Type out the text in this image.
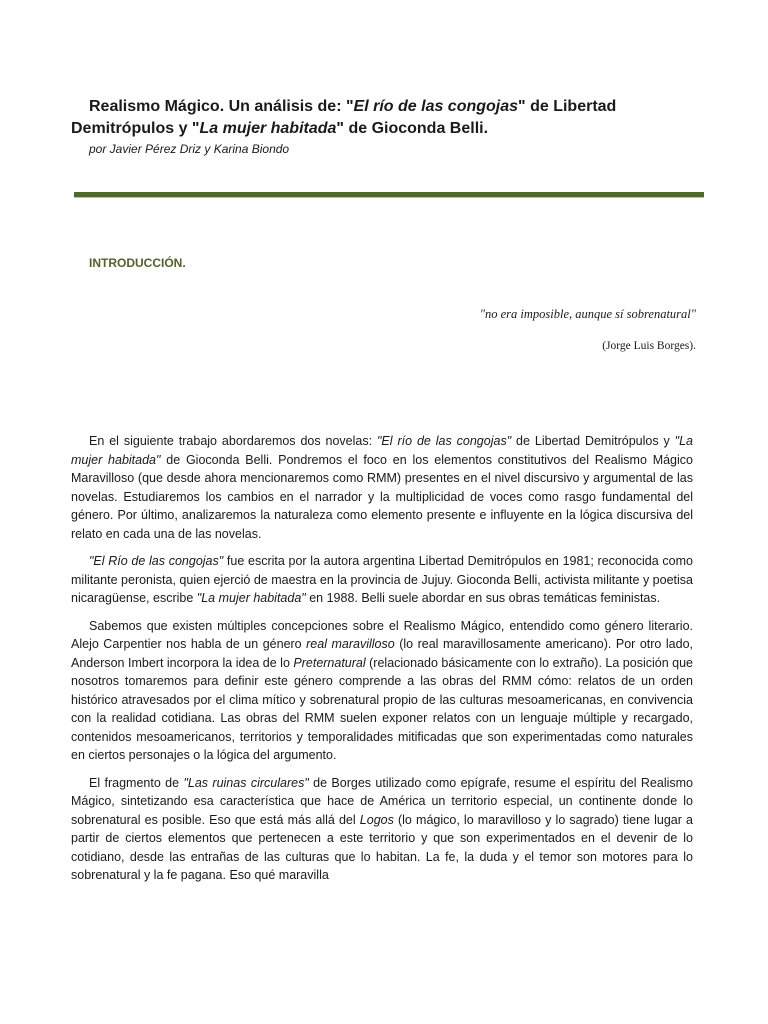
Realismo Mágico. Un análisis de: "El río de las congojas" de Libertad Demitrópulos y "La mujer habitada" de Gioconda Belli.
por Javier Pérez Driz y Karina Biondo
INTRODUCCIÓN.
"no era imposible, aunque sí sobrenatural"
(Jorge Luis Borges).

En el siguiente trabajo abordaremos dos novelas: "El río de las congojas" de Libertad Demitrópulos y "La mujer habitada" de Gioconda Belli. Pondremos el foco en los elementos constitutivos del Realismo Mágico Maravilloso (que desde ahora mencionaremos como RMM) presentes en el nivel discursivo y argumental de las novelas. Estudiaremos los cambios en el narrador y la multiplicidad de voces como rasgo fundamental del género. Por último, analizaremos la naturaleza como elemento presente e influyente en la lógica discursiva del relato en cada una de las novelas.

"El Río de las congojas" fue escrita por la autora argentina Libertad Demitrópulos en 1981; reconocida como militante peronista, quien ejerció de maestra en la provincia de Jujuy. Gioconda Belli, activista militante y poetisa nicaragüense, escribe "La mujer habitada" en 1988. Belli suele abordar en sus obras temáticas feministas.

Sabemos que existen múltiples concepciones sobre el Realismo Mágico, entendido como género literario. Alejo Carpentier nos habla de un género real maravilloso (lo real maravillosamente americano). Por otro lado, Anderson Imbert incorpora la idea de lo Preternatural (relacionado básicamente con lo extraño). La posición que nosotros tomaremos para definir este género comprende a las obras del RMM cómo: relatos de un orden histórico atravesados por el clima mítico y sobrenatural propio de las culturas mesoamericanas, en convivencia con la realidad cotidiana. Las obras del RMM suelen exponer relatos con un lenguaje múltiple y recargado, contenidos mesoamericanos, territorios y temporalidades mitificadas que son experimentadas como naturales en ciertos personajes o la lógica del argumento.

El fragmento de "Las ruinas circulares" de Borges utilizado como epígrafe, resume el espíritu del Realismo Mágico, sintetizando esa característica que hace de América un territorio especial, un continente donde lo sobrenatural es posible. Eso que está más allá del Logos (lo mágico, lo maravilloso y lo sagrado) tiene lugar a partir de ciertos elementos que pertenecen a este territorio y que son experimentados en el devenir de lo cotidiano, desde las entrañas de las culturas que lo habitan. La fe, la duda y el temor son motores para lo sobrenatural y la fe pagana. Eso qué maravilla
